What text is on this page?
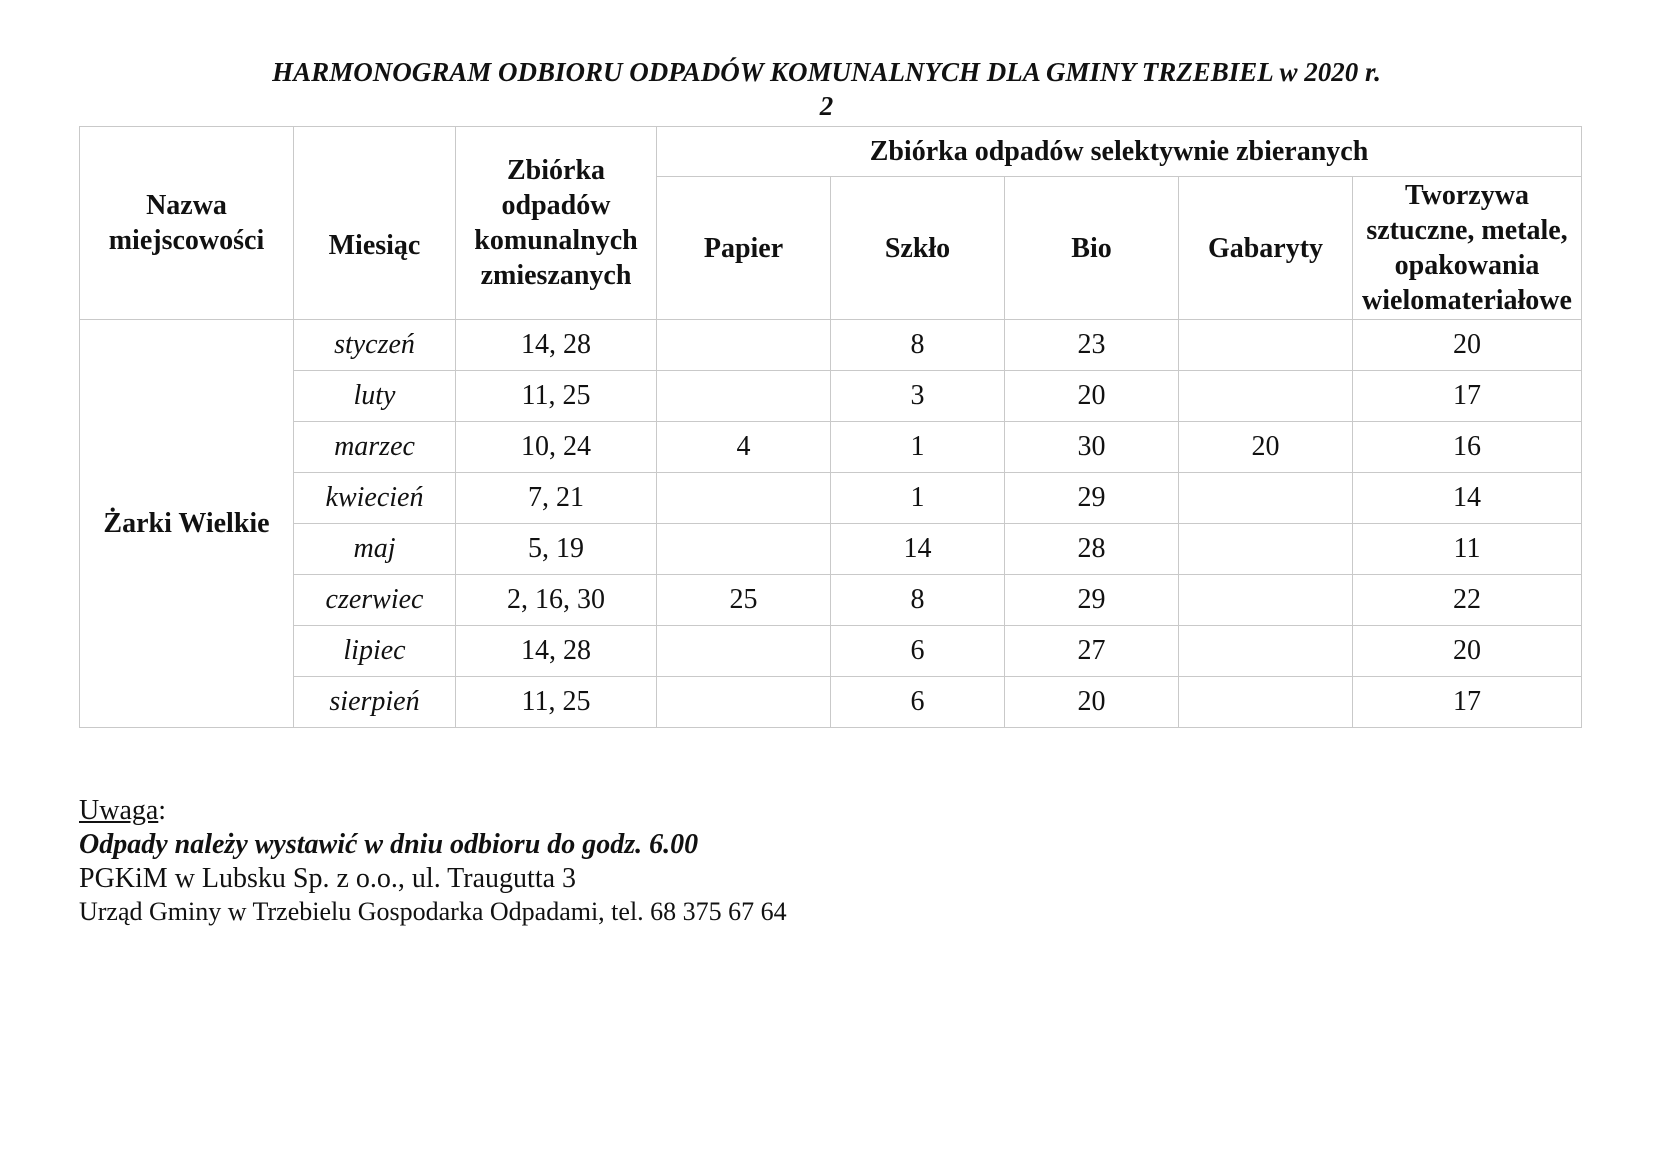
HARMONOGRAM ODBIORU ODPADÓW KOMUNALNYCH DLA GMINY TRZEBIEL w 2020 r.
2
Nazwa miejscowości	Miesiąc	Zbiórka odpadów komunalnych zmieszanych	Zbiórka odpadów selektywnie zbieranych				
			Papier	Szkło	Bio	Gabaryty	Tworzywa sztuczne, metale, opakowania wielomateriałowe
Żarki Wielkie	styczeń	14, 28		8	23		20
	luty	11, 25		3	20		17
	marzec	10, 24	4	1	30	20	16
	kwiecień	7, 21		1	29		14
	maj	5, 19		14	28		11
	czerwiec	2, 16, 30	25	8	29		22
	lipiec	14, 28		6	27		20
	sierpień	11, 25		6	20		17
Uwaga:
Odpady należy wystawić w dniu odbioru do godz. 6.00
PGKiM w Lubsku Sp. z o.o., ul. Traugutta 3
Urząd Gminy w Trzebielu Gospodarka Odpadami, tel. 68 375 67 64
